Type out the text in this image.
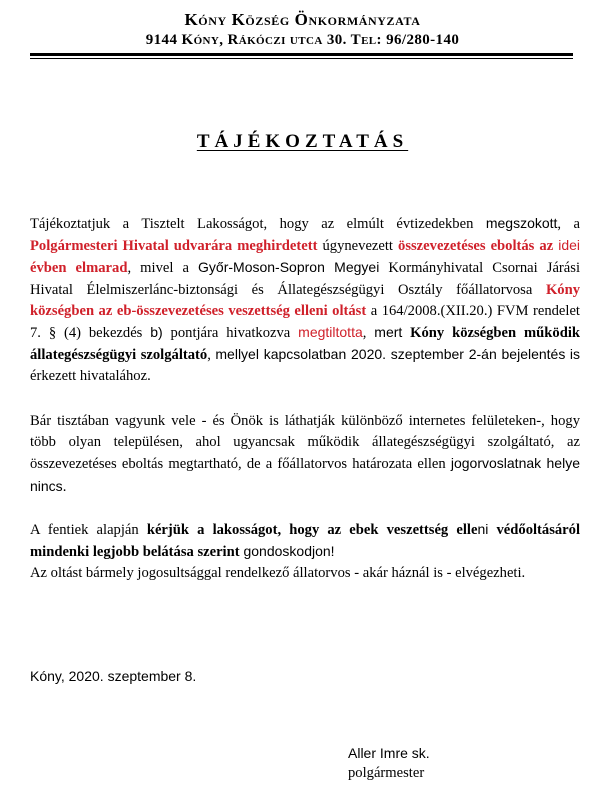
Kóny Község Önkormányzata
9144 Kóny, Rákóczi utca 30. Tel: 96/280-140
TÁJÉKOZTATÁS
Tájékoztatjuk a Tisztelt Lakosságot, hogy az elmúlt évtizedekben megszokott, a Polgármesteri Hivatal udvarára meghirdetett úgynevezett összevezetéses eboltás az idei évben elmarad, mivel a Győr-Moson-Sopron Megyei Kormányhivatal Csornai Járási Hivatal Élelmiszerlánc-biztonsági és Állategészségügyi Osztály főállatorvosa Kóny községben az eb-összevezetéses veszettség elleni oltást a 164/2008.(XII.20.) FVM rendelet 7. § (4) bekezdés b) pontjára hivatkozva megtiltotta, mert Kóny községben működik állategészségügyi szolgáltató, mellyel kapcsolatban 2020. szeptember 2-án bejelentés is érkezett hivatalához.
Bár tisztában vagyunk vele - és Önök is láthatják különböző internetes felületeken-, hogy több olyan településen, ahol ugyancsak működik állategészségügyi szolgáltató, az összevezetéses eboltás megtartható, de a főállatorvos határozata ellen jogorvoslatnak helye nincs.
A fentiek alapján kérjük a lakosságot, hogy az ebek veszettség elleni védőoltásáról mindenki legjobb belátása szerint gondoskodjon!
Az oltást bármely jogosultsággal rendelkező állatorvos - akár háznál is - elvégezheti.
Kóny, 2020. szeptember 8.
Aller Imre sk.
polgármester
